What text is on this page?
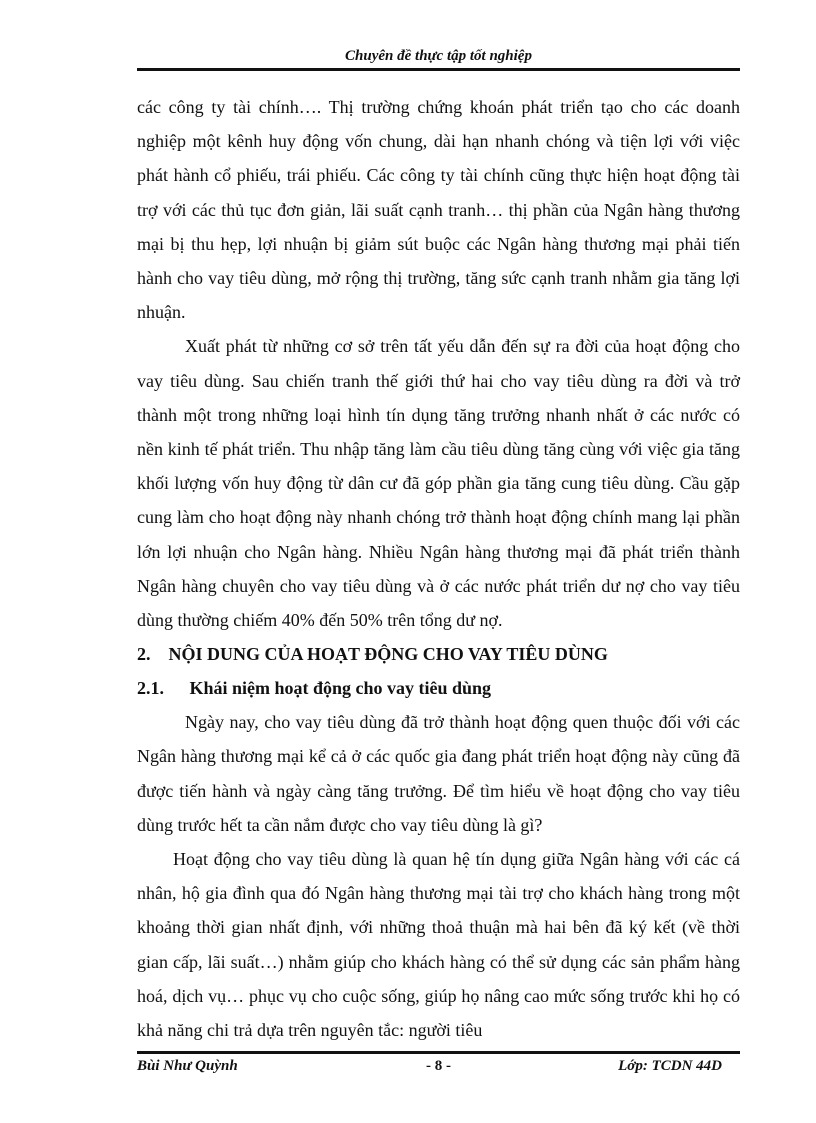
Chuyên đề thực tập tốt nghiệp

các công ty tài chính…. Thị trường chứng khoán phát triển tạo cho các doanh nghiệp một kênh huy động vốn chung, dài hạn nhanh chóng và tiện lợi với việc phát hành cổ phiếu, trái phiếu. Các công ty tài chính cũng thực hiện hoạt động tài trợ với các thủ tục đơn giản, lãi suất cạnh tranh… thị phần của Ngân hàng thương mại bị thu hẹp, lợi nhuận bị giảm sút buộc các Ngân hàng thương mại phải tiến hành cho vay tiêu dùng, mở rộng thị trường, tăng sức cạnh tranh nhằm gia tăng lợi nhuận.

Xuất phát từ những cơ sở trên tất yếu dẫn đến sự ra đời của hoạt động cho vay tiêu dùng. Sau chiến tranh thế giới thứ hai cho vay tiêu dùng ra đời và trở thành một trong những loại hình tín dụng tăng trưởng nhanh nhất ở các nước có nền kinh tế phát triển. Thu nhập tăng làm cầu tiêu dùng tăng cùng với việc gia tăng khối lượng vốn huy động từ dân cư đã góp phần gia tăng cung tiêu dùng. Cầu gặp cung làm cho hoạt động này nhanh chóng trở thành hoạt động chính mang lại phần lớn lợi nhuận cho Ngân hàng. Nhiều Ngân hàng thương mại đã phát triển thành Ngân hàng chuyên cho vay tiêu dùng và ở các nước phát triển dư nợ cho vay tiêu dùng thường chiếm 40% đến 50% trên tổng dư nợ.

2. NỘI DUNG CỦA HOẠT ĐỘNG CHO VAY TIÊU DÙNG
2.1. Khái niệm hoạt động cho vay tiêu dùng

Ngày nay, cho vay tiêu dùng đã trở thành hoạt động quen thuộc đối với các Ngân hàng thương mại kể cả ở các quốc gia đang phát triển hoạt động này cũng đã được tiến hành và ngày càng tăng trưởng. Để tìm hiểu về hoạt động cho vay tiêu dùng trước hết ta cần nắm được cho vay tiêu dùng là gì?

Hoạt động cho vay tiêu dùng là quan hệ tín dụng giữa Ngân hàng với các cá nhân, hộ gia đình qua đó Ngân hàng thương mại tài trợ cho khách hàng trong một khoảng thời gian nhất định, với những thoả thuận mà hai bên đã ký kết (về thời gian cấp, lãi suất…) nhằm giúp cho khách hàng có thể sử dụng các sản phẩm hàng hoá, dịch vụ… phục vụ cho cuộc sống, giúp họ nâng cao mức sống trước khi họ có khả năng chi trả dựa trên nguyên tắc: người tiêu

Bùi Như Quỳnh	- 8 -	Lớp: TCDN 44D
